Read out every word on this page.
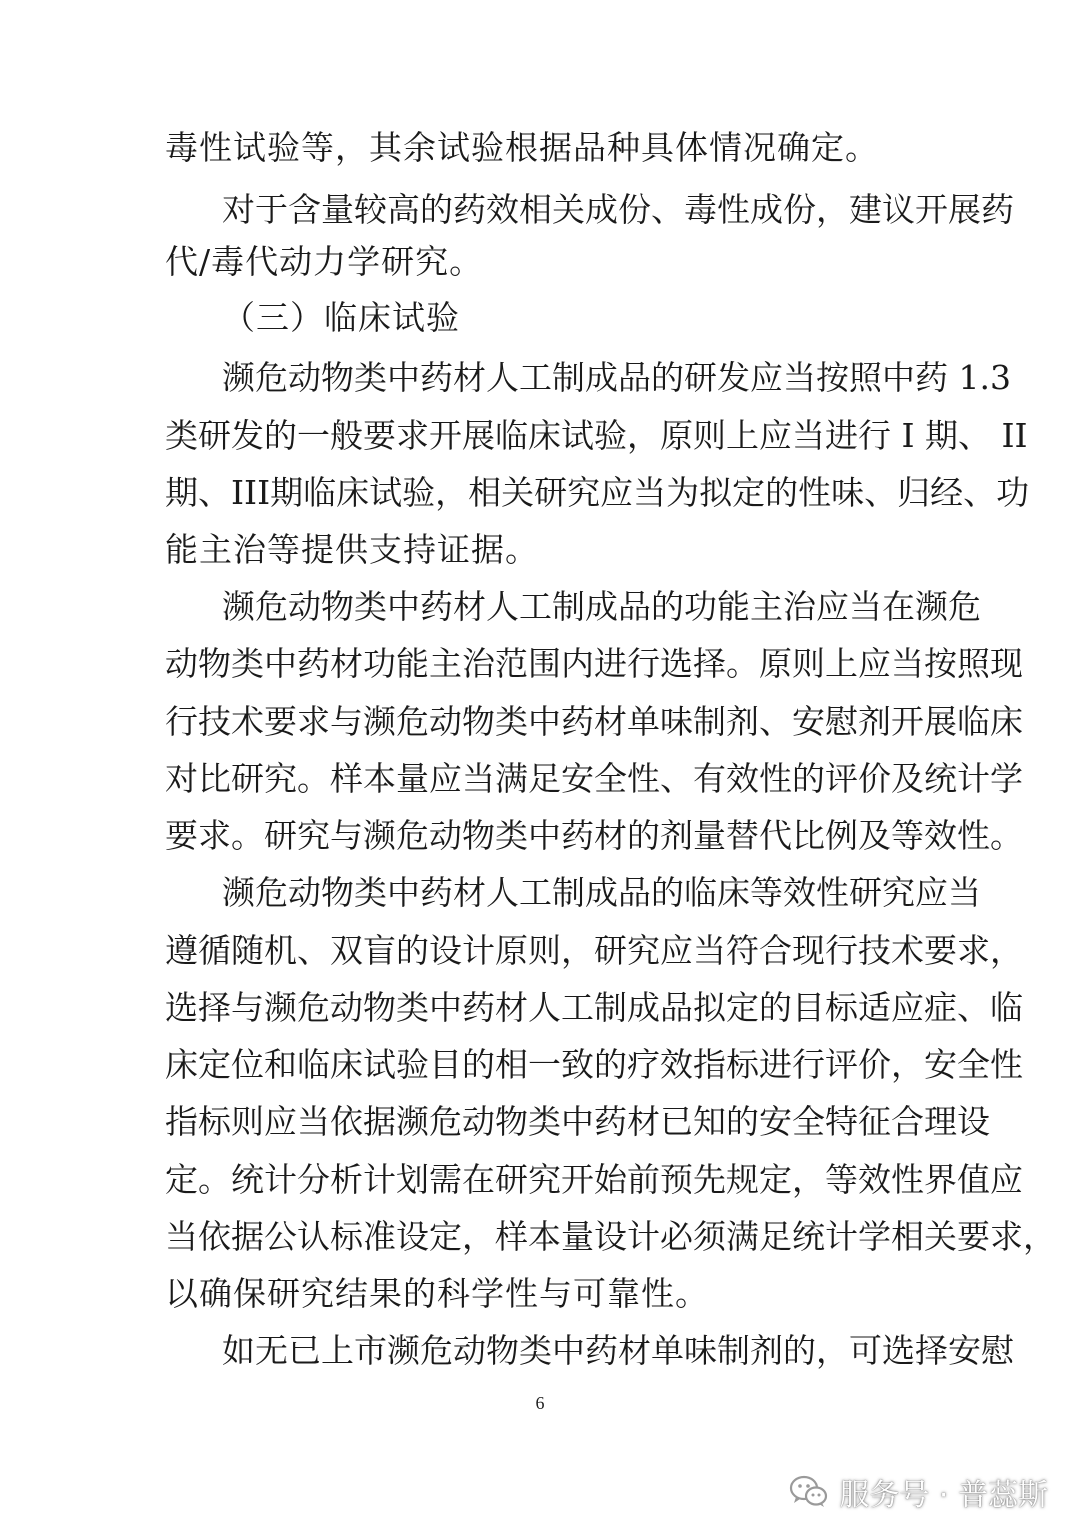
毒性试验等，其余试验根据品种具体情况确定。
对于含量较高的药效相关成份、毒性成份，建议开展药
代/毒代动力学研究。
（三）临床试验
濒危动物类中药材人工制成品的研发应当按照中药 1.3
类研发的一般要求开展临床试验，原则上应当进行 I 期、 II
期、III期临床试验，相关研究应当为拟定的性味、归经、功
能主治等提供支持证据。
濒危动物类中药材人工制成品的功能主治应当在濒危
动物类中药材功能主治范围内进行选择。原则上应当按照现
行技术要求与濒危动物类中药材单味制剂、安慰剂开展临床
对比研究。样本量应当满足安全性、有效性的评价及统计学
要求。研究与濒危动物类中药材的剂量替代比例及等效性。
濒危动物类中药材人工制成品的临床等效性研究应当
遵循随机、双盲的设计原则，研究应当符合现行技术要求，
选择与濒危动物类中药材人工制成品拟定的目标适应症、临
床定位和临床试验目的相一致的疗效指标进行评价，安全性
指标则应当依据濒危动物类中药材已知的安全特征合理设
定。统计分析计划需在研究开始前预先规定，等效性界值应
当依据公认标准设定，样本量设计必须满足统计学相关要求，
以确保研究结果的科学性与可靠性。
如无已上市濒危动物类中药材单味制剂的，可选择安慰
6
服务号 · 普蕊斯
